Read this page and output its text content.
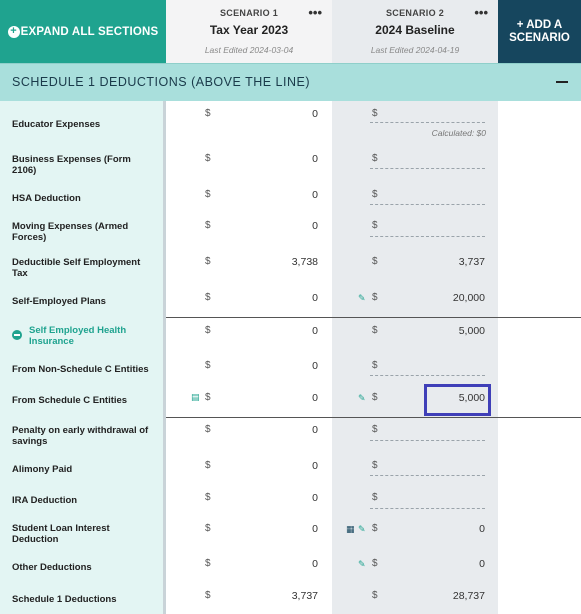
+ EXPAND ALL SECTIONS
SCENARIO 1
Tax Year 2023
Last Edited 2024-03-04
•••	SCENARIO 2
2024 Baseline
Last Edited 2024-04-19
•••
+ ADD A
SCENARIO
SCHEDULE 1 DEDUCTIONS (ABOVE THE LINE)
Educator Expenses
$	0	$
Calculated: $0
Business Expenses (Form 2106)
$	0	$
HSA Deduction	$	0	$
Moving Expenses (Armed Forces)
$	0	$
Deductible Self Employment Tax
$	3,738	$	3,737
Self-Employed Plans	$	0	✎ $	20,000
Self Employed Health Insurance
$	0	$	5,000
From Non-Schedule C Entities	$	0	$
From Schedule C Entities	▤ $	0	✎ $	5,000
Penalty on early withdrawal of savings
$	0	$
Alimony Paid	$	0	$
IRA Deduction	$	0	$
Student Loan Interest Deduction
$	0	▦ ✎ $	0
Other Deductions	$	0	✎ $	0
Schedule 1 Deductions	$	3,737	$	28,737
